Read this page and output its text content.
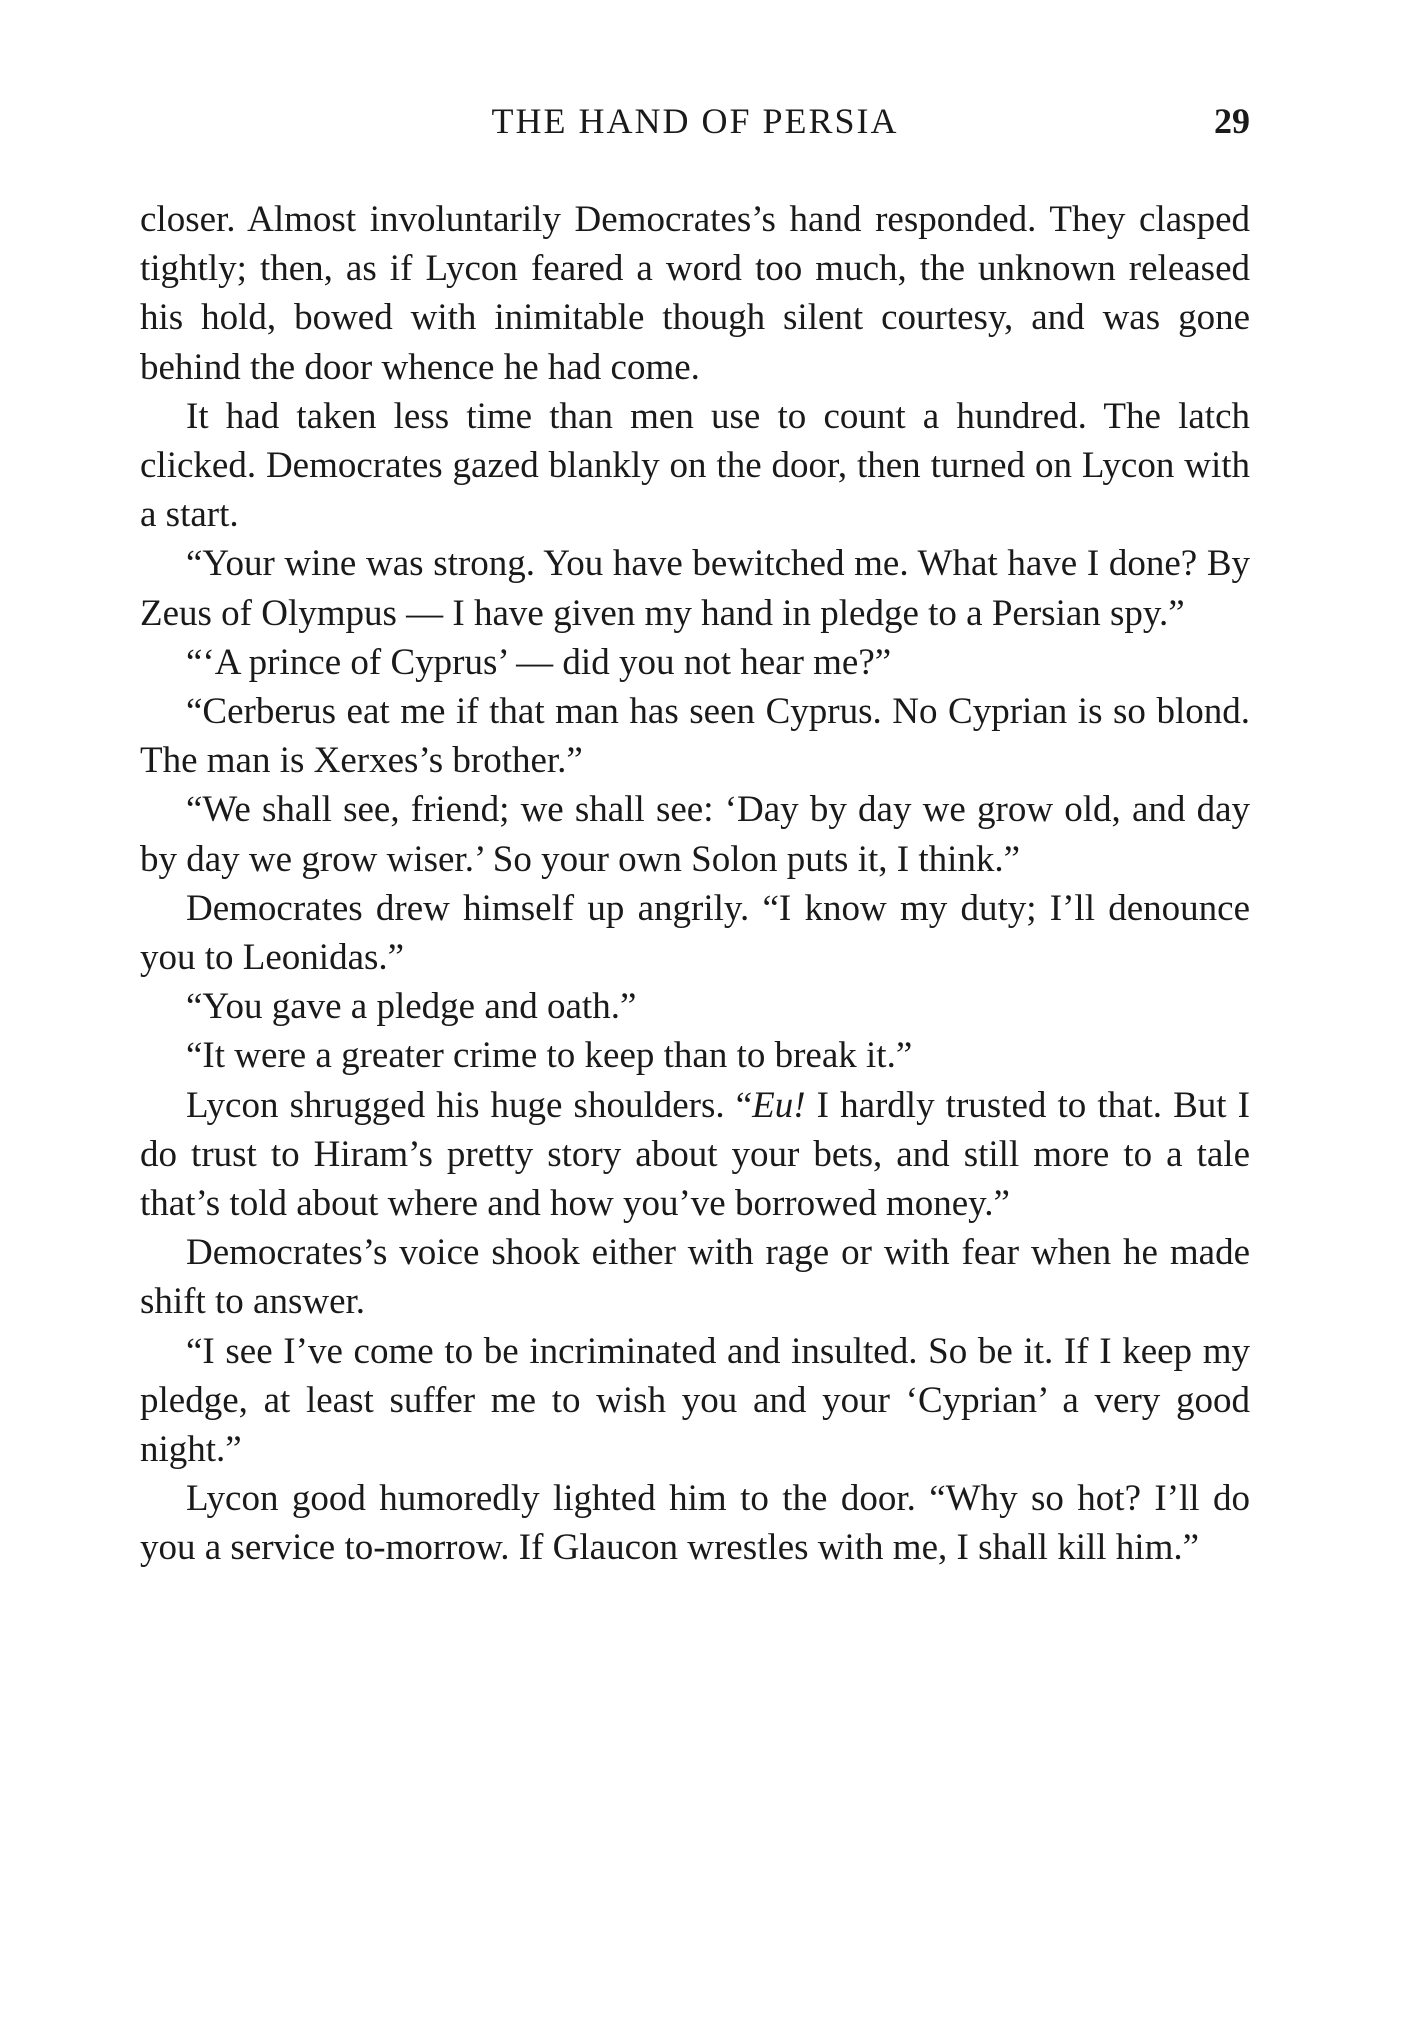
THE HAND OF PERSIA	29

closer. Almost involuntarily Democrates’s hand responded. They clasped tightly; then, as if Lycon feared a word too much, the unknown released his hold, bowed with inimitable though silent courtesy, and was gone behind the door whence he had come.

It had taken less time than men use to count a hundred. The latch clicked. Democrates gazed blankly on the door, then turned on Lycon with a start.

“Your wine was strong. You have bewitched me. What have I done? By Zeus of Olympus — I have given my hand in pledge to a Persian spy.”

“‘A prince of Cyprus’ — did you not hear me?”

“Cerberus eat me if that man has seen Cyprus. No Cyprian is so blond. The man is Xerxes’s brother.”

“We shall see, friend; we shall see: ‘Day by day we grow old, and day by day we grow wiser.’ So your own Solon puts it, I think.”

Democrates drew himself up angrily. “I know my duty; I’ll denounce you to Leonidas.”

“You gave a pledge and oath.”

“It were a greater crime to keep than to break it.”

Lycon shrugged his huge shoulders. “Eu! I hardly trusted to that. But I do trust to Hiram’s pretty story about your bets, and still more to a tale that’s told about where and how you’ve borrowed money.”

Democrates’s voice shook either with rage or with fear when he made shift to answer.

“I see I’ve come to be incriminated and insulted. So be it. If I keep my pledge, at least suffer me to wish you and your ‘Cyprian’ a very good night.”

Lycon good humoredly lighted him to the door. “Why so hot? I’ll do you a service to-morrow. If Glaucon wrestles with me, I shall kill him.”
